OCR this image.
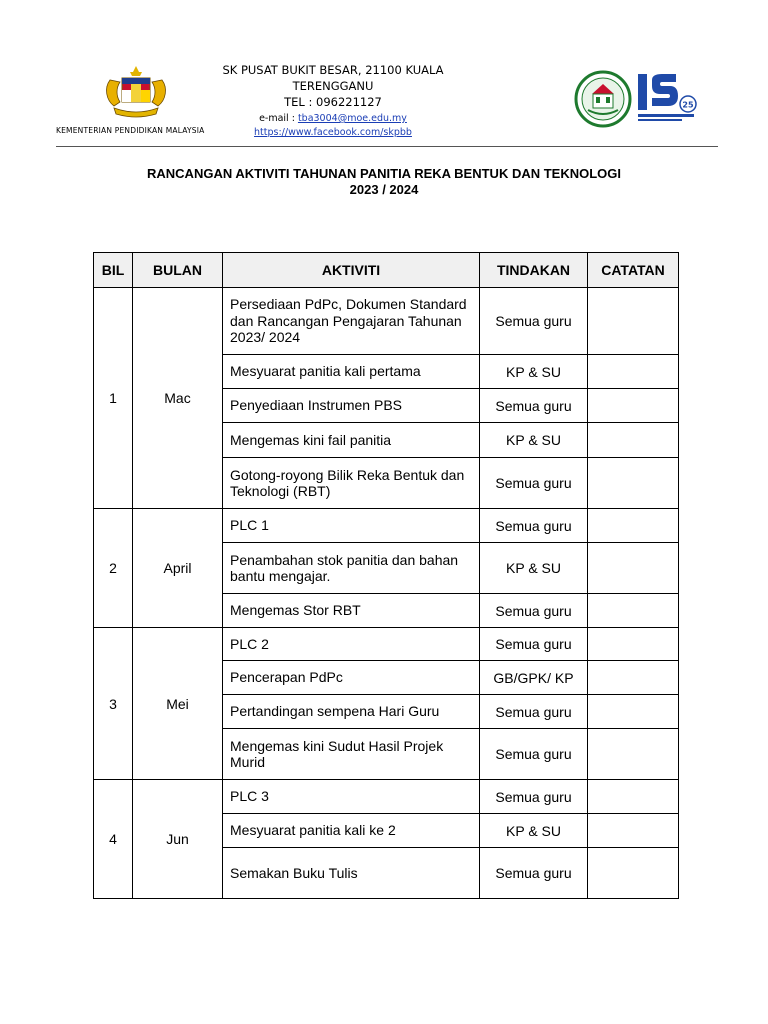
KEMENTERIAN PENDIDIKAN MALAYSIA
SK PUSAT BUKIT BESAR, 21100 KUALA TERENGGANU
TEL : 096221127
e-mail : tba3004@moe.edu.my
https://www.facebook.com/skpbb
25
RANCANGAN AKTIVITI TAHUNAN PANITIA REKA BENTUK DAN TEKNOLOGI
2023 / 2024
BIL	BULAN	AKTIVITI	TINDAKAN	CATATAN
1	Mac	Persediaan PdPc, Dokumen Standard dan Rancangan Pengajaran Tahunan 2023/ 2024	Semua guru	
		Mesyuarat panitia kali pertama	KP & SU	
		Penyediaan Instrumen PBS	Semua guru	
		Mengemas kini fail panitia	KP & SU	
		Gotong-royong Bilik Reka Bentuk dan Teknologi (RBT)	Semua guru	
2	April	PLC 1	Semua guru	
		Penambahan stok panitia dan bahan bantu mengajar.	KP & SU	
		Mengemas Stor RBT	Semua guru	
3	Mei	PLC 2	Semua guru	
		Pencerapan PdPc	GB/GPK/ KP	
		Pertandingan sempena Hari Guru	Semua guru	
		Mengemas kini Sudut Hasil Projek Murid	Semua guru	
4	Jun	PLC 3	Semua guru	
		Mesyuarat panitia kali ke 2	KP & SU	
		Semakan Buku Tulis	Semua guru	
